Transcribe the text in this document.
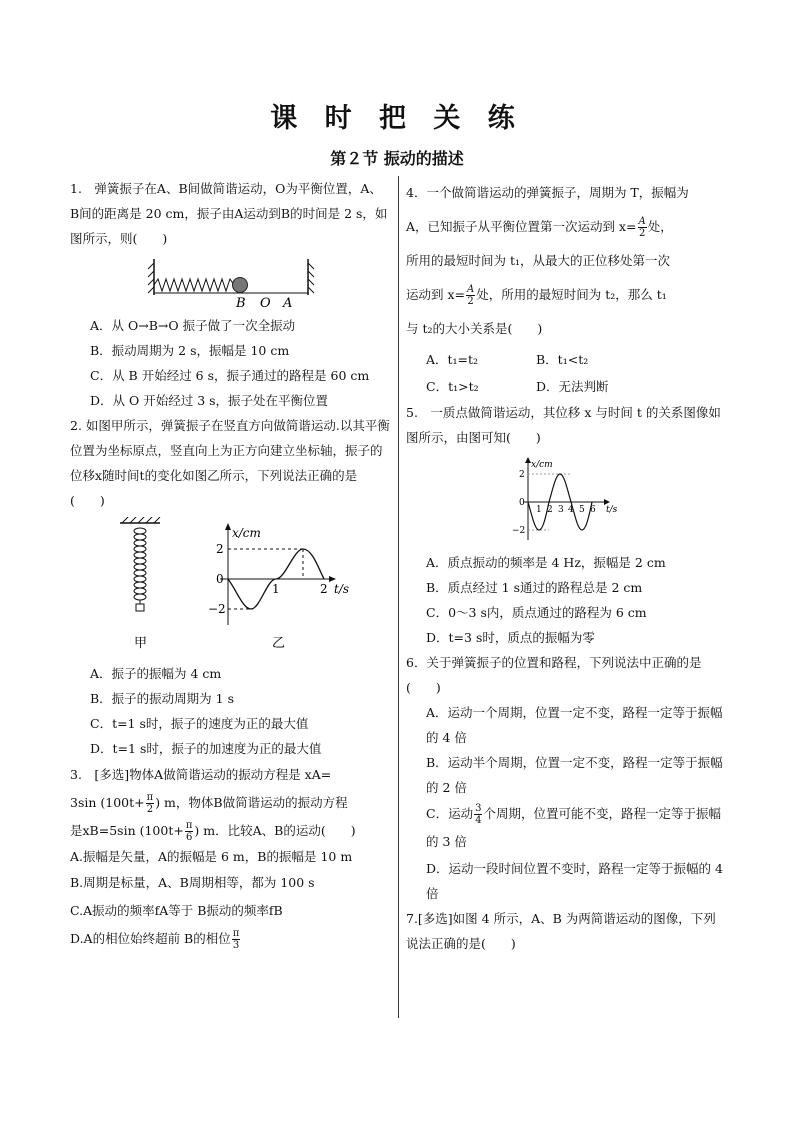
课 时 把 关 练
第２节 振动的描述

1.　弹簧振子在A、B间做简谐运动，O为平衡位置，A、B间的距离是 20 cm，振子由A运动到B的时间是 2 s，如图所示，则(　　)

B O A
A．从 O→B→O 振子做了一次全振动
B．振动周期为 2 s，振幅是 10 cm
C．从 B 开始经过 6 s，振子通过的路程是 60 cm
D．从 O 开始经过 3 s，振子处在平衡位置

2. 如图甲所示，弹簧振子在竖直方向做简谐运动.以其平衡位置为坐标原点，竖直向上为正方向建立坐标轴，振子的位移x随时间t的变化如图乙所示，下列说法正确的是(　　)

甲
x/cm
2
0
−2
1	2 t/s
乙
A．振子的振幅为 4 cm
B．振子的振动周期为 1 s
C．t=1 s时，振子的速度为正的最大值
D．t=1 s时，振子的加速度为正的最大值

3.　[多选]物体A做简谐运动的振动方程是 xA=

3sin ($100t+ \frac{\pi}{2}$ ) m，物体B做简谐运动的振动方程

是xB=5sin ($100t+ \frac{\pi}{6}$ ) m．比较A、B的运动(　　)

A.振幅是矢量，A的振幅是 6 m，B的振幅是 10 m
B.周期是标量，A、B周期相等，都为 100 s
C.A振动的频率fA等于 B振动的频率fB
D.A的相位始终超前 B的相位 $\frac{\pi}{3}$

4．一个做简谐运动的弹簧振子，周期为 T，振幅为

A，已知振子从平衡位置第一次运动到 $x= \frac{A}{2}$ 处，

所用的最短时间为 t₁，从最大的正位移处第一次

运动到 $x= \frac{A}{2}$ 处，所用的最短时间为 t₂，那么 t₁

与 t₂的大小关系是(　　)

A．t₁=t₂	B．t₁<t₂
C．t₁>t₂	D．无法判断

5.　一质点做简谐运动，其位移 x 与时间 t 的关系图像如图所示，由图可知(　　)

x/cm
2
0
−2
1 2 3 4 5 6 t/s
A．质点振动的频率是 4 Hz，振幅是 2 cm
B．质点经过 1 s通过的路程总是 2 cm
C．0～3 s内，质点通过的路程为 6 cm
D．t=3 s时，质点的振幅为零

6．关于弹簧振子的位置和路程，下列说法中正确的是(　　)

A．运动一个周期，位置一定不变，路程一定等于振幅的 4 倍
B．运动半个周期，位置一定不变，路程一定等于振幅的 2 倍
C．运动 $\frac{3}{4}$ 个周期，位置可能不变，路程一定等于振幅的 3 倍
D．运动一段时间位置不变时，路程一定等于振幅的 4 倍

7.[多选]如图 4 所示，A、B 为两简谐运动的图像，下列说法正确的是(　　)
